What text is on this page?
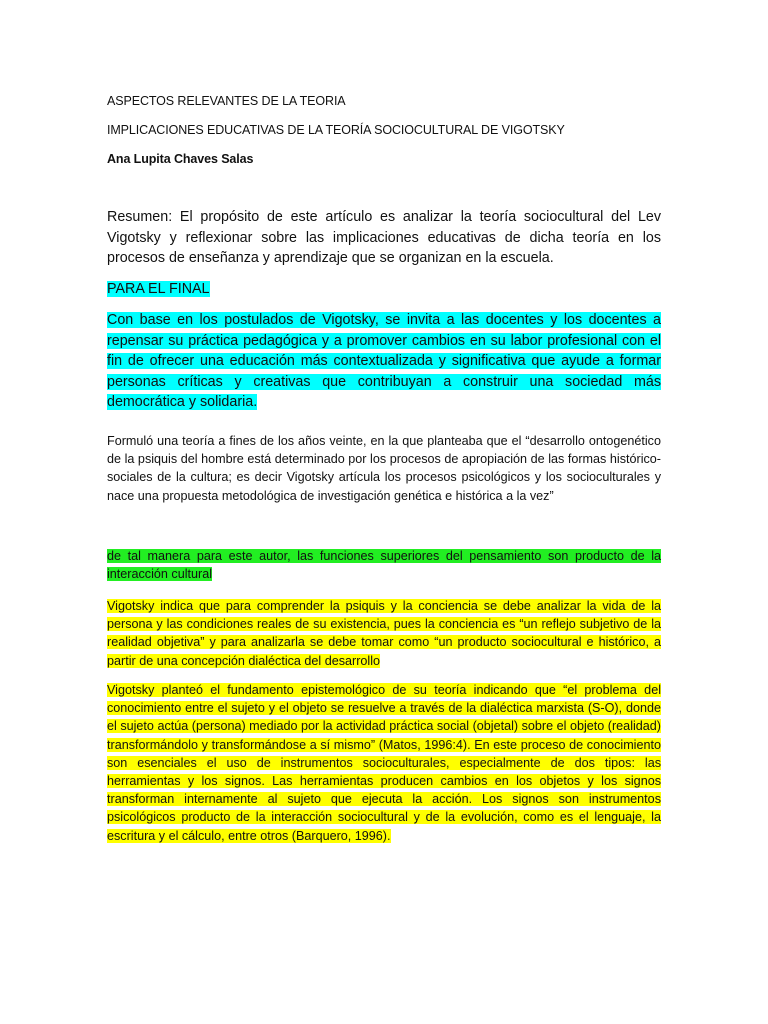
ASPECTOS RELEVANTES DE LA TEORIA

IMPLICACIONES EDUCATIVAS DE LA TEORÍA SOCIOCULTURAL DE VIGOTSKY

Ana Lupita Chaves Salas

Resumen: El propósito de este artículo es analizar la teoría sociocultural del Lev Vigotsky y reflexionar sobre las implicaciones educativas de dicha teoría en los procesos de enseñanza y aprendizaje que se organizan en la escuela.

PARA EL FINAL

Con base en los postulados de Vigotsky, se invita a las docentes y los docentes a repensar su práctica pedagógica y a promover cambios en su labor profesional con el fin de ofrecer una educación más contextualizada y significativa que ayude a formar personas críticas y creativas que contribuyan a construir una sociedad más democrática y solidaria.

Formuló una teoría a fines de los años veinte, en la que planteaba que el “desarrollo ontogenético de la psiquis del hombre está determinado por los procesos de apropiación de las formas histórico-sociales de la cultura; es decir Vigotsky artícula los procesos psicológicos y los socioculturales y nace una propuesta metodológica de investigación genética e histórica a la vez”

de tal manera para este autor, las funciones superiores del pensamiento son producto de la interacción cultural

Vigotsky indica que para comprender la psiquis y la conciencia se debe analizar la vida de la persona y las condiciones reales de su existencia, pues la conciencia es “un reflejo subjetivo de la realidad objetiva” y para analizarla se debe tomar como “un producto sociocultural e histórico, a partir de una concepción dialéctica del desarrollo

Vigotsky planteó el fundamento epistemológico de su teoría indicando que “el problema del conocimiento entre el sujeto y el objeto se resuelve a través de la dialéctica marxista (S-O), donde el sujeto actúa (persona) mediado por la actividad práctica social (objetal) sobre el objeto (realidad) transformándolo y transformándose a sí mismo” (Matos, 1996:4). En este proceso de conocimiento son esenciales el uso de instrumentos socioculturales, especialmente de dos tipos: las herramientas y los signos. Las herramientas producen cambios en los objetos y los signos transforman internamente al sujeto que ejecuta la acción. Los signos son instrumentos psicológicos producto de la interacción sociocultural y de la evolución, como es el lenguaje, la escritura y el cálculo, entre otros (Barquero, 1996).
